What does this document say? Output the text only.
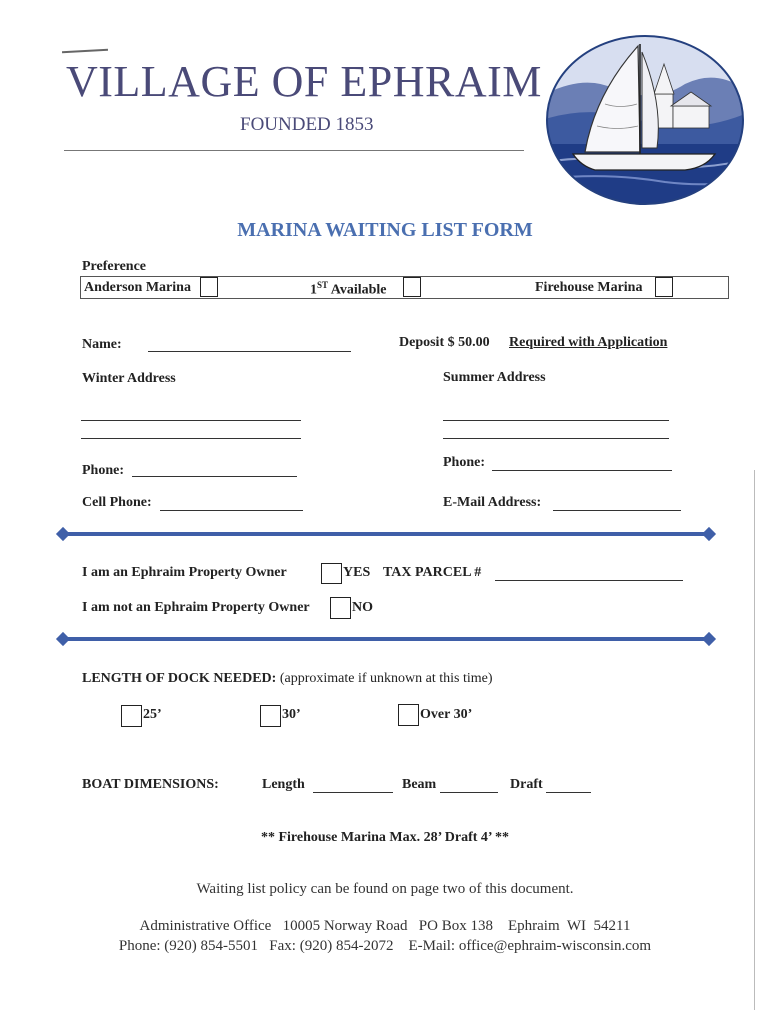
VILLAGE OF EPHRAIM
FOUNDED 1853
MARINA WAITING LIST FORM
Preference
Anderson Marina	1ST Available	Firehouse Marina
Name:	Deposit $ 50.00 Required with Application
Winter Address	Summer Address
Phone:
Phone:
Cell Phone:	E-Mail Address:
I am an Ephraim Property Owner	YES TAX PARCEL #
I am not an Ephraim Property Owner	NO
LENGTH OF DOCK NEEDED: (approximate if unknown at this time)
25’	30’	Over 30’
BOAT DIMENSIONS:	Length	Beam	Draft
** Firehouse Marina Max. 28’ Draft 4’ **
Waiting list policy can be found on page two of this document.
Administrative Office   10005 Norway Road   PO Box 138    Ephraim  WI  54211
Phone: (920) 854-5501   Fax: (920) 854-2072    E-Mail: office@ephraim-wisconsin.com
